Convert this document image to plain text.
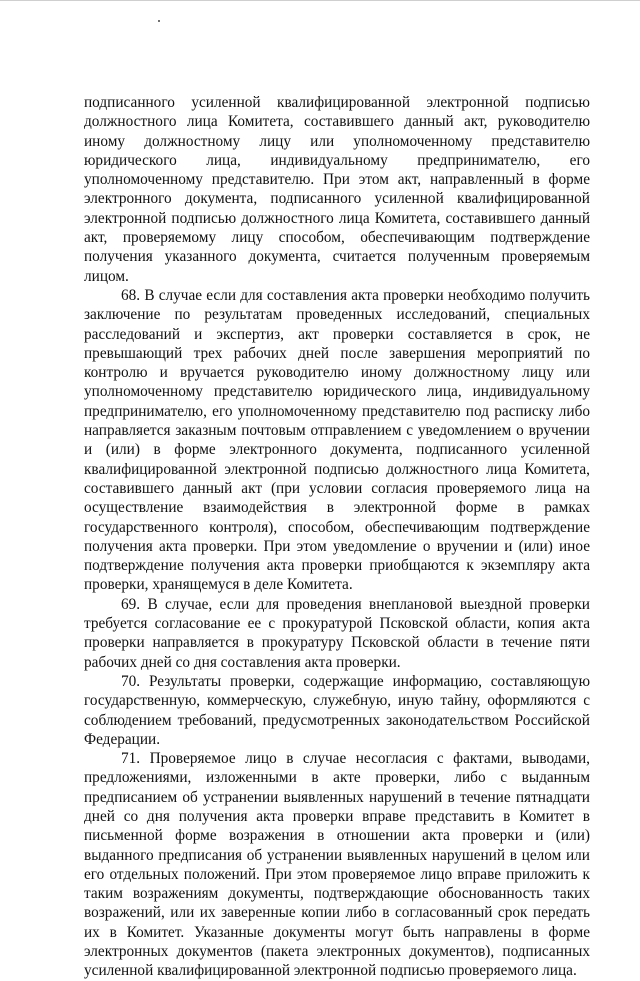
подписанного усиленной квалифицированной электронной подписью должностного лица Комитета, составившего данный акт, руководителю иному должностному лицу или уполномоченному представителю юридического лица, индивидуальному предпринимателю, его уполномоченному представителю. При этом акт, направленный в форме электронного документа, подписанного усиленной квалифицированной электронной подписью должностного лица Комитета, составившего данный акт, проверяемому лицу способом, обеспечивающим подтверждение получения указанного документа, считается полученным проверяемым лицом.

68. В случае если для составления акта проверки необходимо получить заключение по результатам проведенных исследований, специальных расследований и экспертиз, акт проверки составляется в срок, не превышающий трех рабочих дней после завершения мероприятий по контролю и вручается руководителю иному должностному лицу или уполномоченному представителю юридического лица, индивидуальному предпринимателю, его уполномоченному представителю под расписку либо направляется заказным почтовым отправлением с уведомлением о вручении и (или) в форме электронного документа, подписанного усиленной квалифицированной электронной подписью должностного лица Комитета, составившего данный акт (при условии согласия проверяемого лица на осуществление взаимодействия в электронной форме в рамках государственного контроля), способом, обеспечивающим подтверждение получения акта проверки. При этом уведомление о вручении и (или) иное подтверждение получения акта проверки приобщаются к экземпляру акта проверки, хранящемуся в деле Комитета.

69. В случае, если для проведения внеплановой выездной проверки требуется согласование ее с прокуратурой Псковской области, копия акта проверки направляется в прокуратуру Псковской области в течение пяти рабочих дней со дня составления акта проверки.

70. Результаты проверки, содержащие информацию, составляющую государственную, коммерческую, служебную, иную тайну, оформляются с соблюдением требований, предусмотренных законодательством Российской Федерации.

71. Проверяемое лицо в случае несогласия с фактами, выводами, предложениями, изложенными в акте проверки, либо с выданным предписанием об устранении выявленных нарушений в течение пятнадцати дней со дня получения акта проверки вправе представить в Комитет в письменной форме возражения в отношении акта проверки и (или) выданного предписания об устранении выявленных нарушений в целом или его отдельных положений. При этом проверяемое лицо вправе приложить к таким возражениям документы, подтверждающие обоснованность таких возражений, или их заверенные копии либо в согласованный срок передать их в Комитет. Указанные документы могут быть направлены в форме электронных документов (пакета электронных документов), подписанных усиленной квалифицированной электронной подписью проверяемого лица.
